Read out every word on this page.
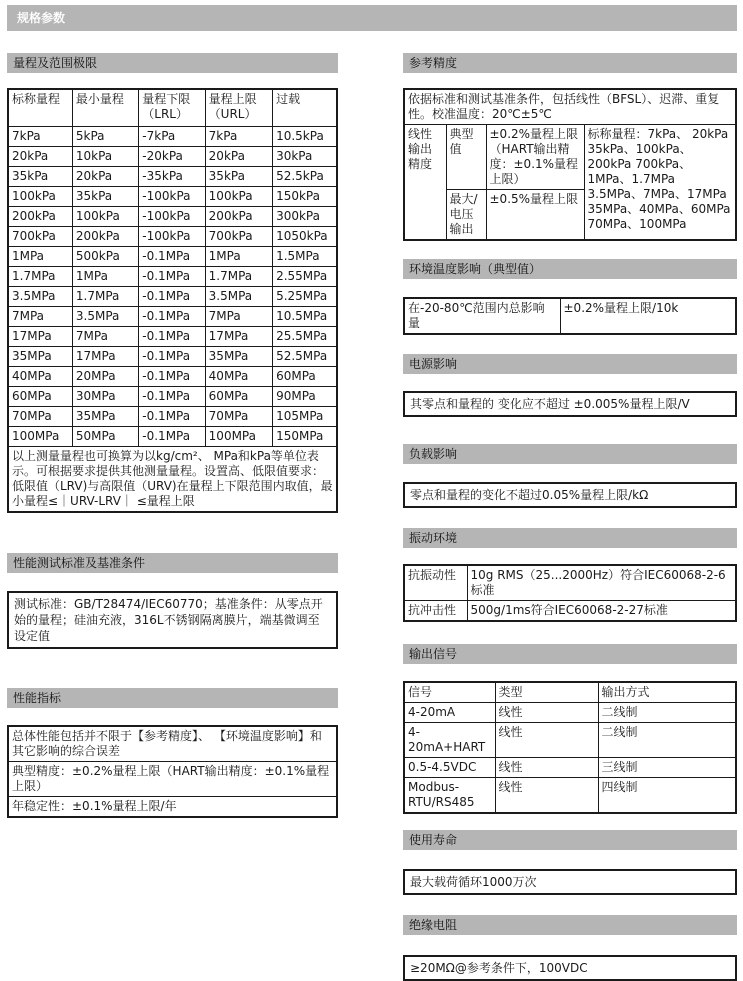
规格参数
量程及范围极限
标称量程	最小量程	量程下限（LRL）	量程上限（URL）	过载
7kPa	5kPa	-7kPa	7kPa	10.5kPa
20kPa	10kPa	-20kPa	20kPa	30kPa
35kPa	20kPa	-35kPa	35kPa	52.5kPa
100kPa	35kPa	-100kPa	100kPa	150kPa
200kPa	100kPa	-100kPa	200kPa	300kPa
700kPa	200kPa	-100kPa	700kPa	1050kPa
1MPa	500kPa	-0.1MPa	1MPa	1.5MPa
1.7MPa	1MPa	-0.1MPa	1.7MPa	2.55MPa
3.5MPa	1.7MPa	-0.1MPa	3.5MPa	5.25MPa
7MPa	3.5MPa	-0.1MPa	7MPa	10.5MPa
17MPa	7MPa	-0.1MPa	17MPa	25.5MPa
35MPa	17MPa	-0.1MPa	35MPa	52.5MPa
40MPa	20MPa	-0.1MPa	40MPa	60MPa
60MPa	30MPa	-0.1MPa	60MPa	90MPa
70MPa	35MPa	-0.1MPa	70MPa	105MPa
100MPa	50MPa	-0.1MPa	100MPa	150MPa
以上测量量程也可换算为以kg/cm²、 MPa和kPa等单位表示。可根据要求提供其他测量量程。设置高、低限值要求：低限值（LRV)与高限值（URV)在量程上下限范围内取值，最小量程≤｜URV-LRV｜ ≤量程上限				
性能测试标准及基准条件
测试标准：GB/T28474/IEC60770；基准条件：从零点开始的量程；硅油充液，316L不锈钢隔离膜片，端基微调至设定值
性能指标
总体性能包括并不限于【参考精度】、 【环境温度影响】和其它影响的综合误差
典型精度：±0.2%量程上限（HART输出精度：±0.1%量程上限）
年稳定性：±0.1%量程上限/年
参考精度
依据标准和测试基准条件，包括线性（BFSL）、迟滞、重复性。校准温度：20℃±5℃			
线性输出精度	典型值	±0.2%量程上限（HART输出精度：±0.1%量程上限）	标称量程：7kPa、 20kPa 35kPa、100kPa、200kPa 700kPa、1MPa、1.7MPa 3.5MPa、7MPa、17MPa 35MPa、40MPa、60MPa 70MPa、100MPa
	最大/电压输出	±0.5%量程上限	
环境温度影响（典型值）
在-20-80℃范围内总影响量	±0.2%量程上限/10k
电源影响
其零点和量程的 变化应不超过 ±0.005%量程上限/V
负载影响
零点和量程的变化不超过0.05%量程上限/kΩ
振动环境
抗振动性	10g RMS（25...2000Hz）符合IEC60068-2-6标准
抗冲击性	500g/1ms符合IEC60068-2-27标准
输出信号
信号	类型	输出方式
4-20mA	线性	二线制
4-20mA+HART	线性	二线制
0.5-4.5VDC	线性	三线制
Modbus-RTU/RS485	线性	四线制
使用寿命
最大载荷循环1000万次
绝缘电阻
≥20MΩ@参考条件下，100VDC
